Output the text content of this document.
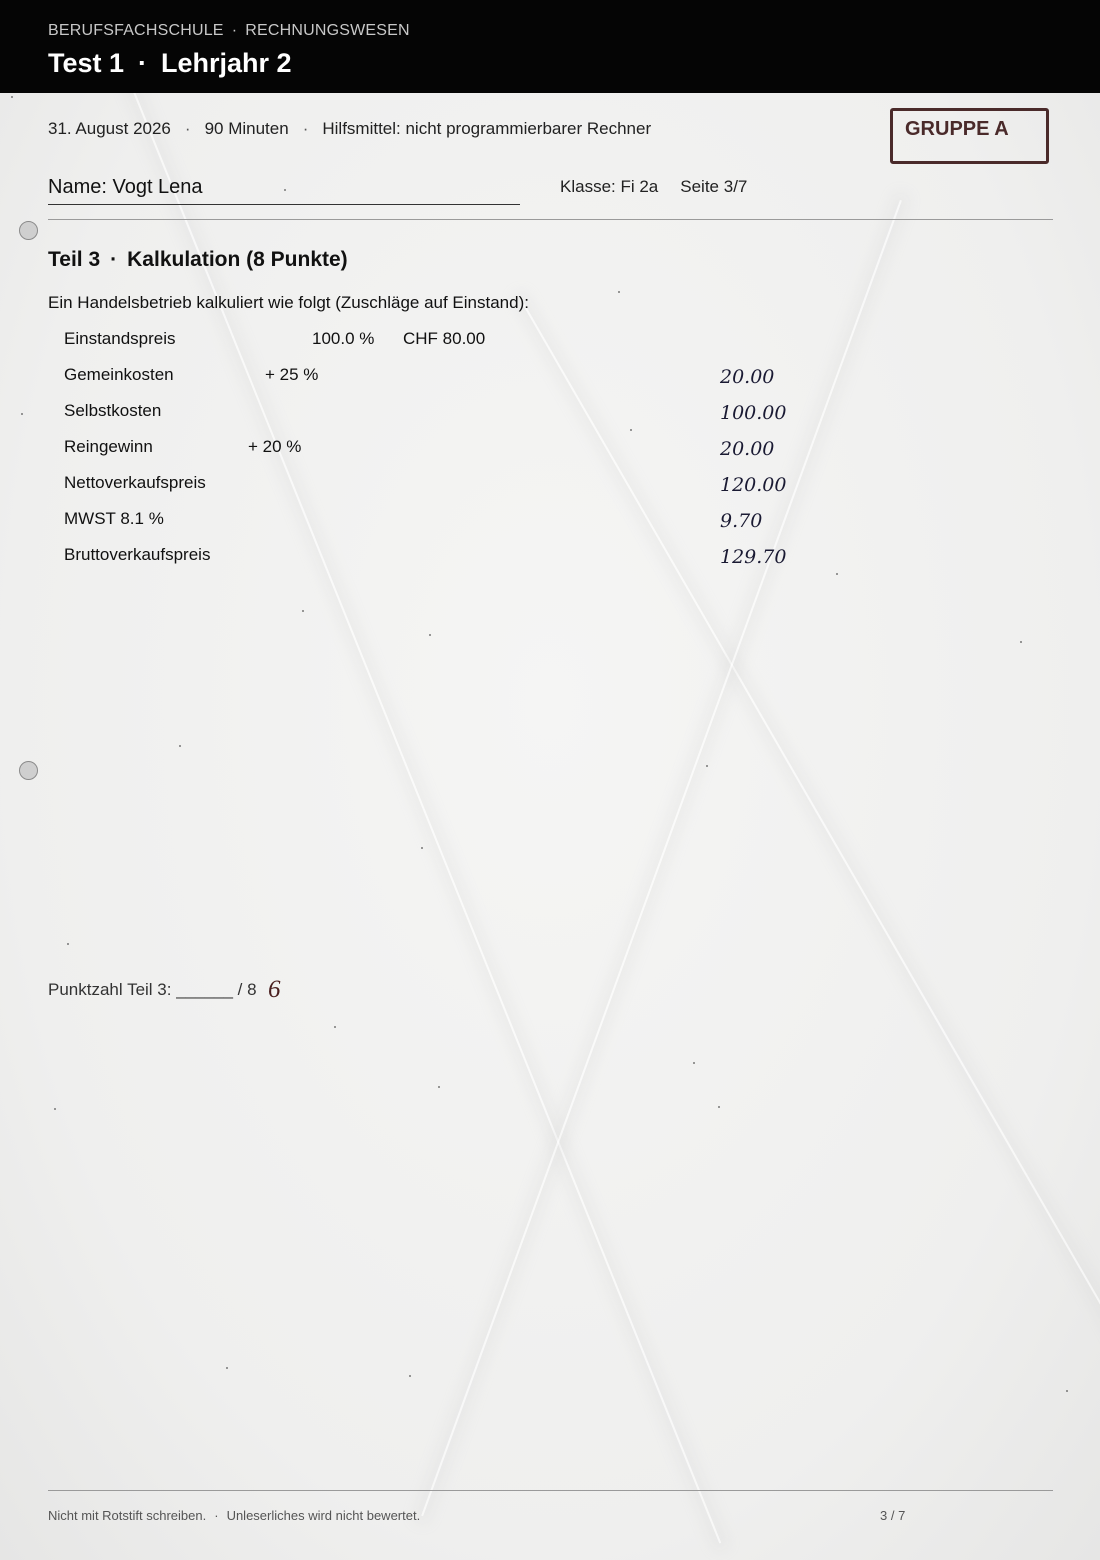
BERUFSFACHSCHULE · RECHNUNGSWESEN
Test 1 · Lehrjahr 2
31. August 2026 · 90 Minuten · Hilfsmittel: nicht programmierbarer Rechner	GRUPPE A
Name: Vogt Lena	Klasse: Fi 2a Seite 3/7
Teil 3 · Kalkulation (8 Punkte)
Ein Handelsbetrieb kalkuliert wie folgt (Zuschläge auf Einstand):
Einstandspreis	100.0 % CHF 80.00
Gemeinkosten	+ 25 %	20.00
Selbstkosten	100.00
Reingewinn	+ 20 %	20.00
Nettoverkaufspreis	120.00
MWST 8.1 %	9.70
Bruttoverkaufspreis	129.70
Punktzahl Teil 3: ______ / 8 6
Nicht mit Rotstift schreiben. · Unleserliches wird nicht bewertet.	3 / 7
